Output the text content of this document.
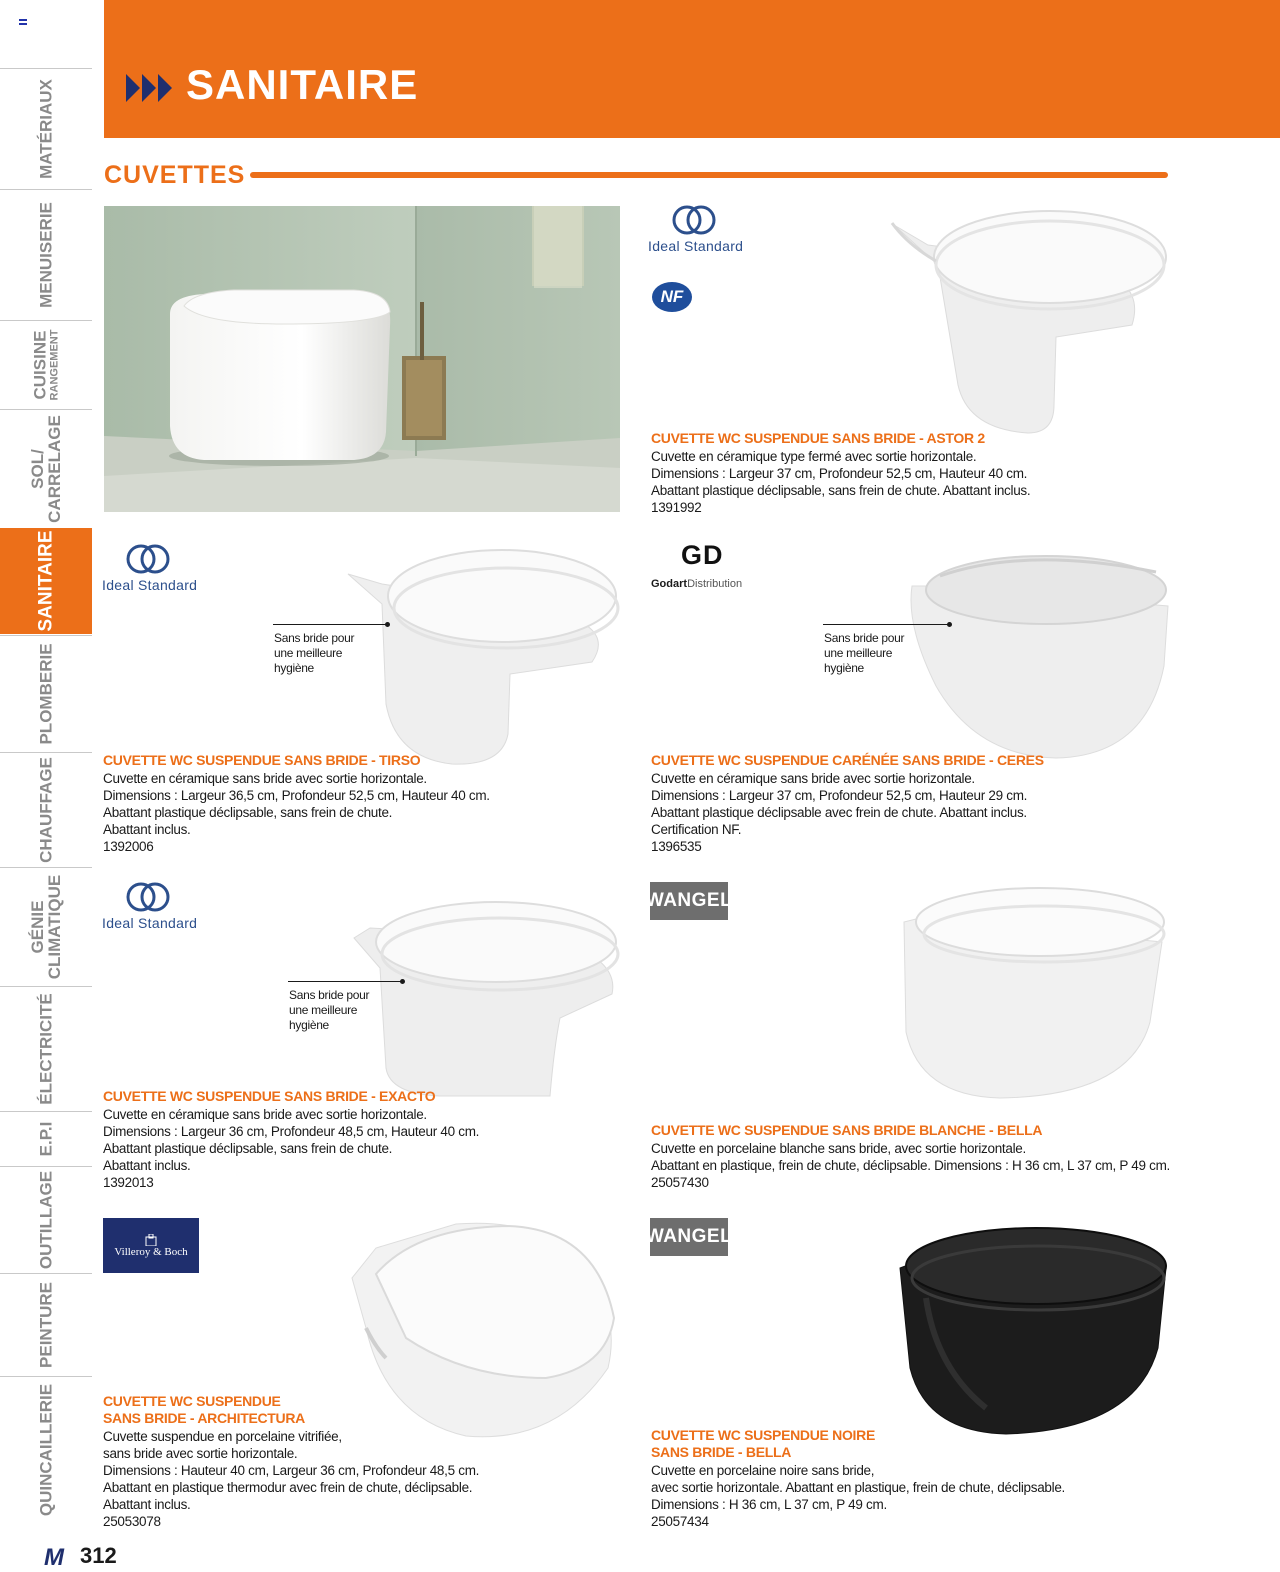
MATÉRIAUX
MENUISERIE
CUISINE RANGEMENT
SOL/
CARRELAGE
SANITAIRE
PLOMBERIE
CHAUFFAGE
GÉNIE
CLIMATIQUE
ÉLECTRICITÉ
E.P.I
OUTILLAGE
PEINTURE
QUINCAILLERIE
SANITAIRE
CUVETTES
Ideal Standard
NF
CUVETTE WC SUSPENDUE SANS BRIDE - ASTOR 2
Cuvette en céramique type fermé avec sortie horizontale.
Dimensions : Largeur 37 cm, Profondeur 52,5 cm, Hauteur 40 cm.
Abattant plastique déclipsable, sans frein de chute. Abattant inclus.
1391992
Ideal Standard
Sans bride pour
une meilleure
hygiène
CUVETTE WC SUSPENDUE SANS BRIDE - TIRSO
Cuvette en céramique sans bride avec sortie horizontale.
Dimensions : Largeur 36,5 cm, Profondeur 52,5 cm, Hauteur 40 cm.
Abattant plastique déclipsable, sans frein de chute.
Abattant inclus.
1392006
GD
GodartDistribution
Sans bride pour
une meilleure
hygiène
CUVETTE WC SUSPENDUE CARÉNÉE SANS BRIDE - CERES
Cuvette en céramique sans bride avec sortie horizontale.
Dimensions : Largeur 37 cm, Profondeur 52,5 cm, Hauteur 29 cm.
Abattant plastique déclipsable avec frein de chute. Abattant inclus.
Certification NF.
1396535
Ideal Standard
Sans bride pour
une meilleure
hygiène
CUVETTE WC SUSPENDUE SANS BRIDE - EXACTO
Cuvette en céramique sans bride avec sortie horizontale.
Dimensions : Largeur 36 cm, Profondeur 48,5 cm, Hauteur 40 cm.
Abattant plastique déclipsable, sans frein de chute.
Abattant inclus.
1392013
WANGEL
CUVETTE WC SUSPENDUE SANS BRIDE BLANCHE - BELLA
Cuvette en porcelaine blanche sans bride, avec sortie horizontale.
Abattant en plastique, frein de chute, déclipsable. Dimensions : H 36 cm, L 37 cm, P 49 cm.
25057430
Villeroy & Boch
CUVETTE WC SUSPENDUE
SANS BRIDE - ARCHITECTURA
Cuvette suspendue en porcelaine vitrifiée,
sans bride avec sortie horizontale.
Dimensions : Hauteur 40 cm, Largeur 36 cm, Profondeur 48,5 cm.
Abattant en plastique thermodur avec frein de chute, déclipsable.
Abattant inclus.
25053078
WANGEL
CUVETTE WC SUSPENDUE NOIRE
SANS BRIDE - BELLA
Cuvette en porcelaine noire sans bride,
avec sortie horizontale. Abattant en plastique, frein de chute, déclipsable.
Dimensions : H 36 cm, L 37 cm, P 49 cm.
25057434
M 312
